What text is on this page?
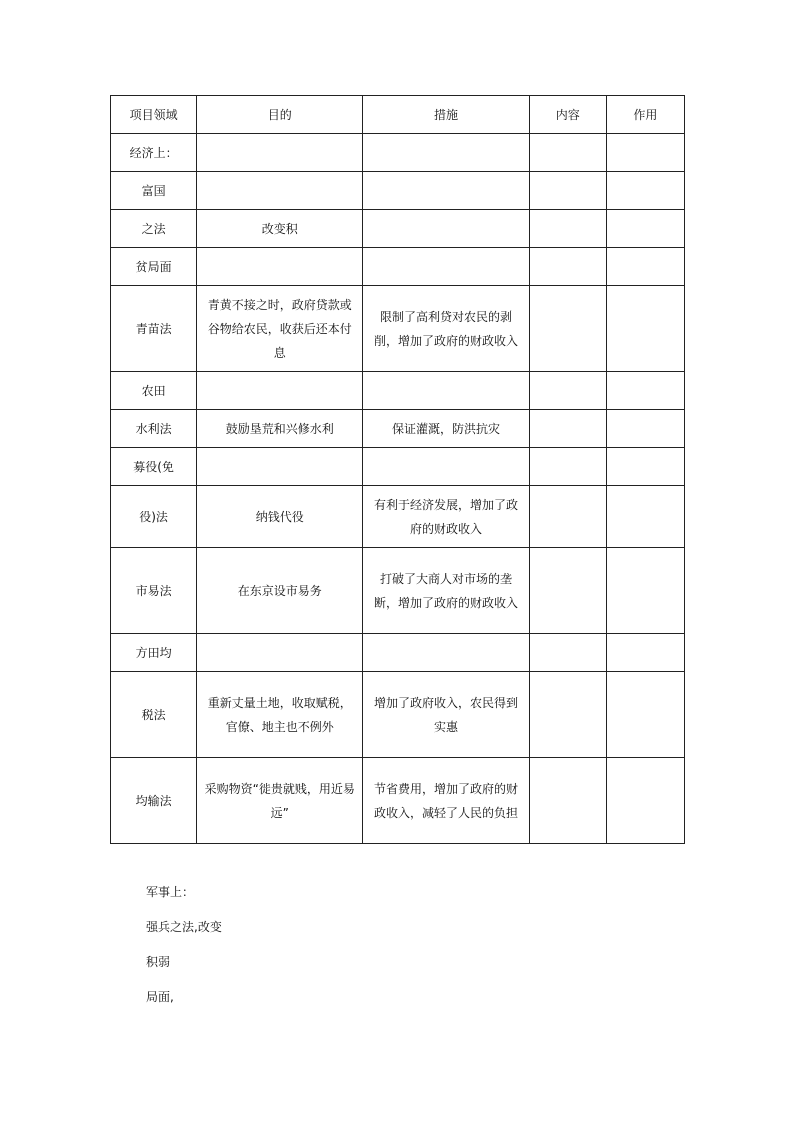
项目领域	目的	措施	内容	作用
经济上：				
富国				
之法	改变积			
贫局面				
青苗法	青黄不接之时，政府贷款或谷物给农民，收获后还本付息	限制了高利贷对农民的剥削，增加了政府的财政收入		
农田				
水利法	鼓励垦荒和兴修水利	保证灌溉，防洪抗灾		
募役(免				
役)法	纳钱代役	有利于经济发展，增加了政府的财政收入		
市易法	在东京设市易务	打破了大商人对市场的垄断，增加了政府的财政收入		
方田均				
税法	重新丈量土地，收取赋税，官僚、地主也不例外	增加了政府收入，农民得到实惠		
均输法	采购物资“徙贵就贱，用近易远”	节省费用，增加了政府的财政收入，减轻了人民的负担		

军事上：

强兵之法,改变

积弱

局面,
